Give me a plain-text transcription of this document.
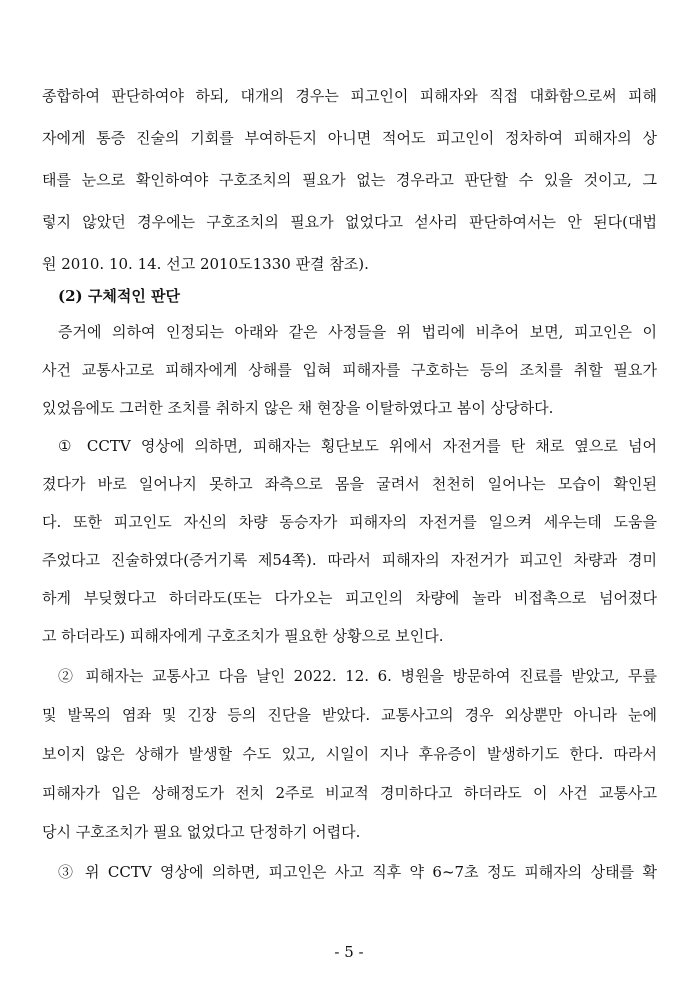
종합하여 판단하여야 하되, 대개의 경우는 피고인이 피해자와 직접 대화함으로써 피해
자에게 통증 진술의 기회를 부여하든지 아니면 적어도 피고인이 정차하여 피해자의 상
태를 눈으로 확인하여야 구호조치의 필요가 없는 경우라고 판단할 수 있을 것이고, 그
렇지 않았던 경우에는 구호조치의 필요가 없었다고 섣사리 판단하여서는 안 된다(대법
원 2010. 10. 14. 선고 2010도1330 판결 참조).
(2) 구체적인 판단
증거에 의하여 인정되는 아래와 같은 사정들을 위 법리에 비추어 보면, 피고인은 이
사건 교통사고로 피해자에게 상해를 입혀 피해자를 구호하는 등의 조치를 취할 필요가
있었음에도 그러한 조치를 취하지 않은 채 현장을 이탈하였다고 봄이 상당하다.
① CCTV 영상에 의하면, 피해자는 횡단보도 위에서 자전거를 탄 채로 옆으로 넘어
졌다가 바로 일어나지 못하고 좌측으로 몸을 굴려서 천천히 일어나는 모습이 확인된
다. 또한 피고인도 자신의 차량 동승자가 피해자의 자전거를 일으켜 세우는데 도움을
주었다고 진술하였다(증거기록 제54쪽). 따라서 피해자의 자전거가 피고인 차량과 경미
하게 부딪혔다고 하더라도(또는 다가오는 피고인의 차량에 놀라 비접촉으로 넘어졌다
고 하더라도) 피해자에게 구호조치가 필요한 상황으로 보인다.
② 피해자는 교통사고 다음 날인 2022. 12. 6. 병원을 방문하여 진료를 받았고, 무릎
및 발목의 염좌 및 긴장 등의 진단을 받았다. 교통사고의 경우 외상뿐만 아니라 눈에
보이지 않은 상해가 발생할 수도 있고, 시일이 지나 후유증이 발생하기도 한다. 따라서
피해자가 입은 상해정도가 전치 2주로 비교적 경미하다고 하더라도 이 사건 교통사고
당시 구호조치가 필요 없었다고 단정하기 어렵다.
③ 위 CCTV 영상에 의하면, 피고인은 사고 직후 약 6~7초 정도 피해자의 상태를 확
- 5 -
